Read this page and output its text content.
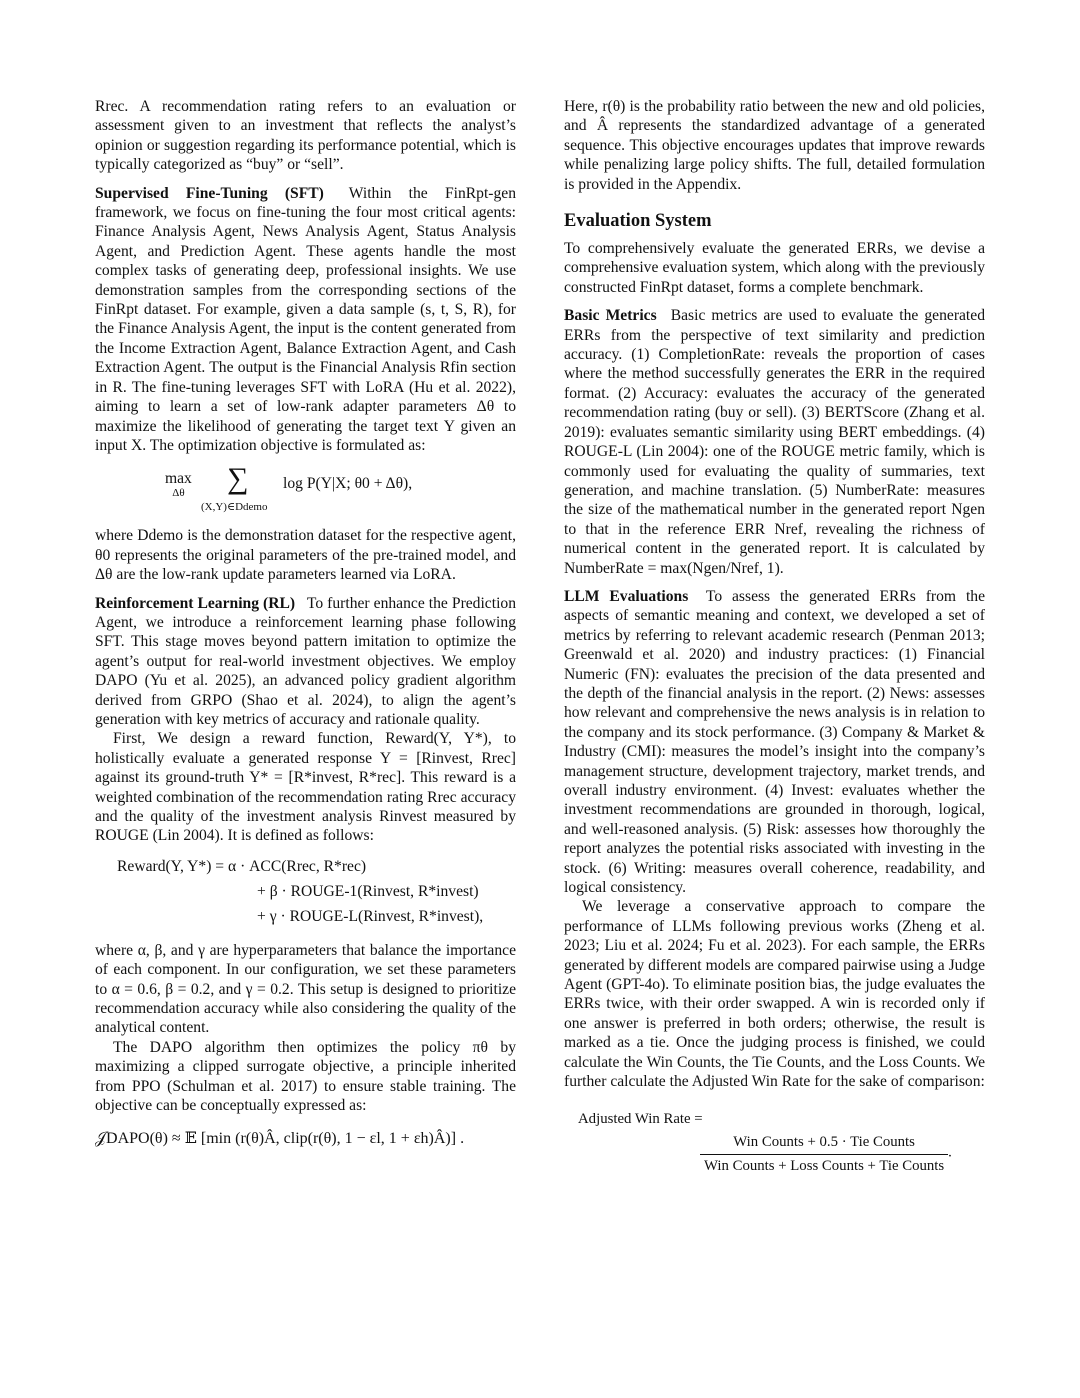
Rrec. A recommendation rating refers to an evaluation or assessment given to an investment that reflects the analyst’s opinion or suggestion regarding its performance potential, which is typically categorized as “buy” or “sell”.

Supervised Fine-Tuning (SFT) Within the FinRpt-gen framework, we focus on fine-tuning the four most critical agents: Finance Analysis Agent, News Analysis Agent, Status Analysis Agent, and Prediction Agent. These agents handle the most complex tasks of generating deep, professional insights. We use demonstration samples from the corresponding sections of the FinRpt dataset. For example, given a data sample (s, t, S, R), for the Finance Analysis Agent, the input is the content generated from the Income Extraction Agent, Balance Extraction Agent, and Cash Extraction Agent. The output is the Financial Analysis Rfin section in R. The fine-tuning leverages SFT with LoRA (Hu et al. 2022), aiming to learn a set of low-rank adapter parameters Δθ to maximize the likelihood of generating the target text Y given an input X. The optimization objective is formulated as:

max
Δθ ∑
(X,Y)∈Ddemo
log P(Y|X; θ0 + Δθ),

where Ddemo is the demonstration dataset for the respective agent, θ0 represents the original parameters of the pre-trained model, and Δθ are the low-rank update parameters learned via LoRA.

Reinforcement Learning (RL) To further enhance the Prediction Agent, we introduce a reinforcement learning phase following SFT. This stage moves beyond pattern imitation to optimize the agent’s output for real-world investment objectives. We employ DAPO (Yu et al. 2025), an advanced policy gradient algorithm derived from GRPO (Shao et al. 2024), to align the agent’s generation with key metrics of accuracy and rationale quality.

First, We design a reward function, Reward(Y, Y*), to holistically evaluate a generated response Y = [Rinvest, Rrec] against its ground-truth Y* = [R*invest, R*rec]. This reward is a weighted combination of the recommendation rating Rrec accuracy and the quality of the investment analysis Rinvest measured by ROUGE (Lin 2004). It is defined as follows:

Reward(Y, Y*) = α · ACC(Rrec, R*rec)
+ β · ROUGE-1(Rinvest, R*invest)
+ γ · ROUGE-L(Rinvest, R*invest),

where α, β, and γ are hyperparameters that balance the importance of each component. In our configuration, we set these parameters to α = 0.6, β = 0.2, and γ = 0.2. This setup is designed to prioritize recommendation accuracy while also considering the quality of the analytical content.

The DAPO algorithm then optimizes the policy πθ by maximizing a clipped surrogate objective, a principle inherited from PPO (Schulman et al. 2017) to ensure stable training. The objective can be conceptually expressed as:

𝒥DAPO(θ) ≈ 𝔼 [min (r(θ)Â, clip(r(θ), 1 − εl, 1 + εh)Â)] .

Here, r(θ) is the probability ratio between the new and old policies, and Â represents the standardized advantage of a generated sequence. This objective encourages updates that improve rewards while penalizing large policy shifts. The full, detailed formulation is provided in the Appendix.

Evaluation System

To comprehensively evaluate the generated ERRs, we devise a comprehensive evaluation system, which along with the previously constructed FinRpt dataset, forms a complete benchmark.

Basic Metrics Basic metrics are used to evaluate the generated ERRs from the perspective of text similarity and prediction accuracy. (1) CompletionRate: reveals the proportion of cases where the method successfully generates the ERR in the required format. (2) Accuracy: evaluates the accuracy of the generated recommendation rating (buy or sell). (3) BERTScore (Zhang et al. 2019): evaluates semantic similarity using BERT embeddings. (4) ROUGE-L (Lin 2004): one of the ROUGE metric family, which is commonly used for evaluating the quality of summaries, text generation, and machine translation. (5) NumberRate: measures the size of the mathematical number in the generated report Ngen to that in the reference ERR Nref, revealing the richness of numerical content in the generated report. It is calculated by NumberRate = max(Ngen/Nref, 1).

LLM Evaluations To assess the generated ERRs from the aspects of semantic meaning and context, we developed a set of metrics by referring to relevant academic research (Penman 2013; Greenwald et al. 2020) and industry practices: (1) Financial Numeric (FN): evaluates the precision of the data presented and the depth of the financial analysis in the report. (2) News: assesses how relevant and comprehensive the news analysis is in relation to the company and its stock performance. (3) Company & Market & Industry (CMI): measures the model’s insight into the company’s management structure, development trajectory, market trends, and overall industry environment. (4) Invest: evaluates whether the investment recommendations are grounded in thorough, logical, and well-reasoned analysis. (5) Risk: assesses how thoroughly the report analyzes the potential risks associated with investing in the stock. (6) Writing: measures overall coherence, readability, and logical consistency.

We leverage a conservative approach to compare the performance of LLMs following previous works (Zheng et al. 2023; Liu et al. 2024; Fu et al. 2023). For each sample, the ERRs generated by different models are compared pairwise using a Judge Agent (GPT-4o). To eliminate position bias, the judge evaluates the ERRs twice, with their order swapped. A win is recorded only if one answer is preferred in both orders; otherwise, the result is marked as a tie. Once the judging process is finished, we could calculate the Win Counts, the Tie Counts, and the Loss Counts. We further calculate the Adjusted Win Rate for the sake of comparison:

Adjusted Win Rate =
$\frac{\text{Win Counts + 0.5 · Tie Counts}}{\text{Win Counts + Loss Counts + Tie Counts}}$ .
